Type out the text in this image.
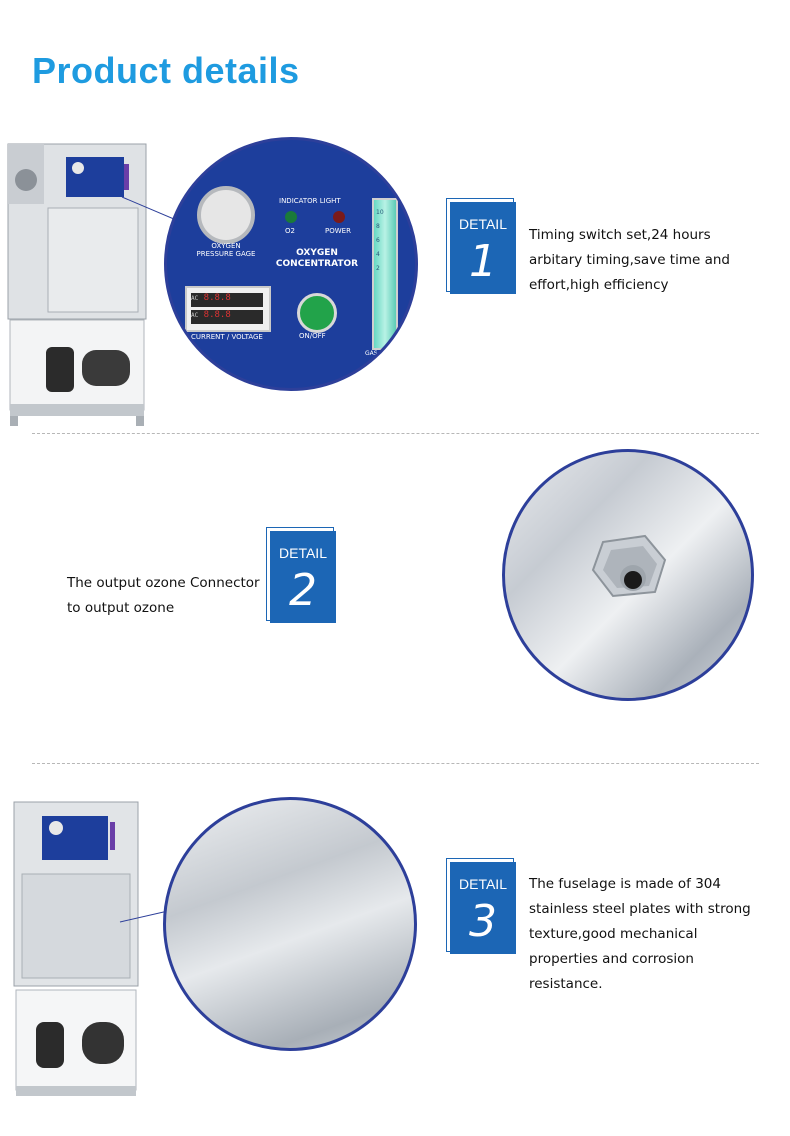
Product details
OXYGEN
PRESSURE GAGE
INDICATOR LIGHT
O2	POWER
OXYGEN
CONCENTRATOR
AC 8.8.8
AC 8.8.8
CURRENT / VOLTAGE	ON/OFF
10
8
6
4
2
GAS FLO
DETAIL
1
Timing switch set,24 hours arbitary timing,save time and effort,high efficiency
The output ozone Connector to output ozone
DETAIL
2
DETAIL
3
The fuselage is made of 304 stainless steel plates with strong texture,good mechanical properties and corrosion resistance.
